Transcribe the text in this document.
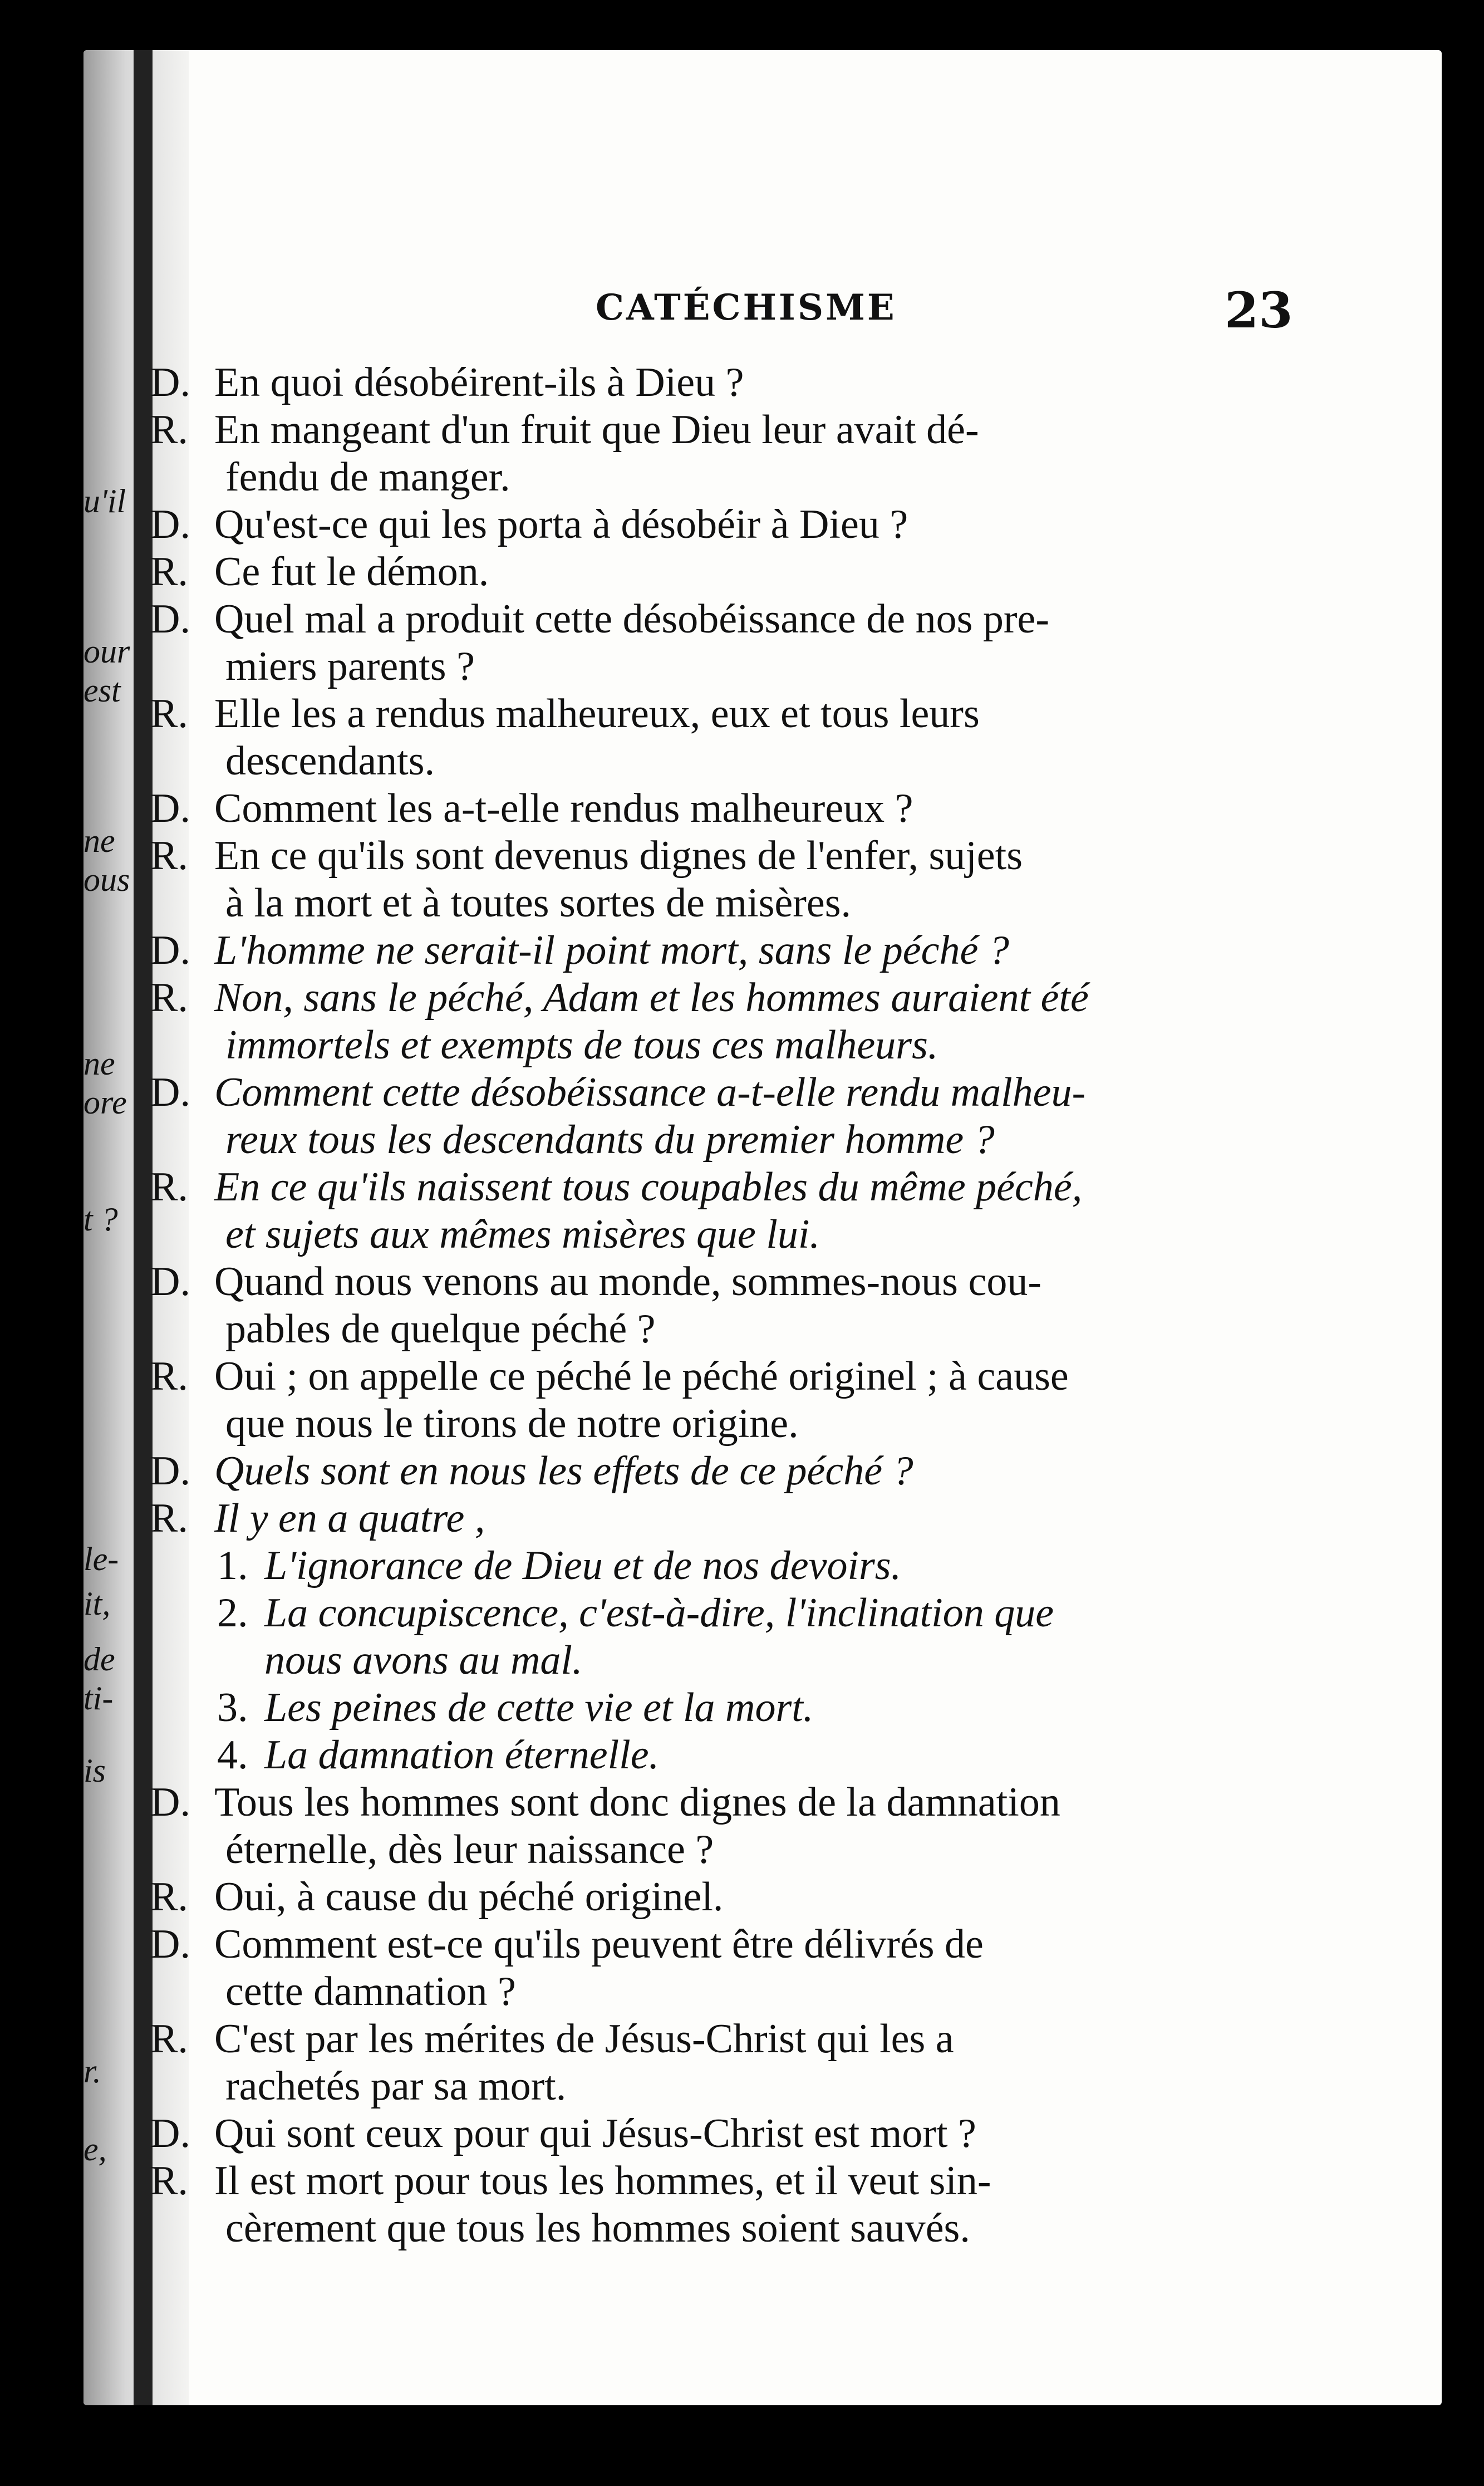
u'il
our
est
ne
ous
ne
ore
t ?
le-
it,
de
ti-
is
r.
e,
CATÉCHISME	23
D. En quoi désobéirent-ils à Dieu ?
R. En mangeant d'un fruit que Dieu leur avait dé-
fendu de manger.
D. Qu'est-ce qui les porta à désobéir à Dieu ?
R. Ce fut le démon.
D. Quel mal a produit cette désobéissance de nos pre-
miers parents ?
R. Elle les a rendus malheureux, eux et tous leurs
descendants.
D. Comment les a-t-elle rendus malheureux ?
R. En ce qu'ils sont devenus dignes de l'enfer, sujets
à la mort et à toutes sortes de misères.
D. L'homme ne serait-il point mort, sans le péché ?
R. Non, sans le péché, Adam et les hommes auraient été
immortels et exempts de tous ces malheurs.
D. Comment cette désobéissance a-t-elle rendu malheu-
reux tous les descendants du premier homme ?
R. En ce qu'ils naissent tous coupables du même péché,
et sujets aux mêmes misères que lui.
D. Quand nous venons au monde, sommes-nous cou-
pables de quelque péché ?
R. Oui ; on appelle ce péché le péché originel ; à cause
que nous le tirons de notre origine.
D. Quels sont en nous les effets de ce péché ?
R. Il y en a quatre ,
1. L'ignorance de Dieu et de nos devoirs.
2. La concupiscence, c'est-à-dire, l'inclination que
nous avons au mal.
3. Les peines de cette vie et la mort.
4. La damnation éternelle.
D. Tous les hommes sont donc dignes de la damnation
éternelle, dès leur naissance ?
R. Oui, à cause du péché originel.
D. Comment est-ce qu'ils peuvent être délivrés de
cette damnation ?
R. C'est par les mérites de Jésus-Christ qui les a
rachetés par sa mort.
D. Qui sont ceux pour qui Jésus-Christ est mort ?
R. Il est mort pour tous les hommes, et il veut sin-
cèrement que tous les hommes soient sauvés.
